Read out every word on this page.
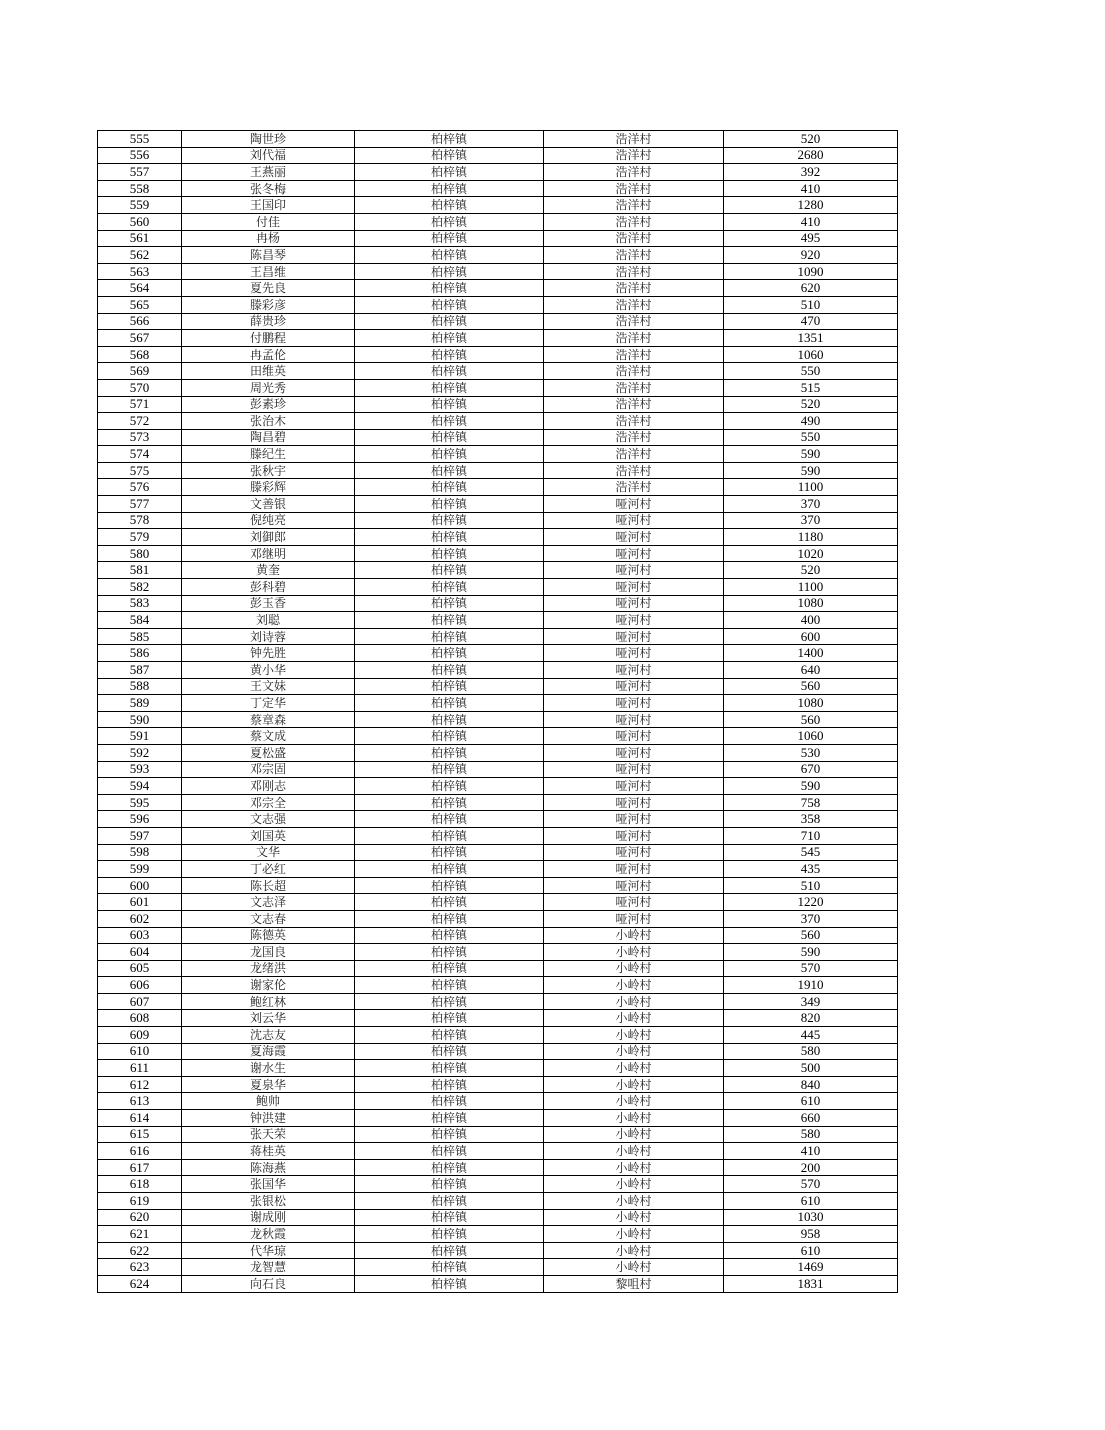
555	陶世珍	柏梓镇	浩洋村	520
556	刘代福	柏梓镇	浩洋村	2680
557	王燕丽	柏梓镇	浩洋村	392
558	张冬梅	柏梓镇	浩洋村	410
559	王国印	柏梓镇	浩洋村	1280
560	付佳	柏梓镇	浩洋村	410
561	冉杨	柏梓镇	浩洋村	495
562	陈昌琴	柏梓镇	浩洋村	920
563	王昌维	柏梓镇	浩洋村	1090
564	夏先良	柏梓镇	浩洋村	620
565	滕彩彦	柏梓镇	浩洋村	510
566	薛贵珍	柏梓镇	浩洋村	470
567	付鹏程	柏梓镇	浩洋村	1351
568	冉孟伦	柏梓镇	浩洋村	1060
569	田维英	柏梓镇	浩洋村	550
570	周光秀	柏梓镇	浩洋村	515
571	彭素珍	柏梓镇	浩洋村	520
572	张治木	柏梓镇	浩洋村	490
573	陶昌碧	柏梓镇	浩洋村	550
574	滕纪生	柏梓镇	浩洋村	590
575	张秋宇	柏梓镇	浩洋村	590
576	滕彩辉	柏梓镇	浩洋村	1100
577	文善银	柏梓镇	哑河村	370
578	倪纯亮	柏梓镇	哑河村	370
579	刘御郎	柏梓镇	哑河村	1180
580	邓继明	柏梓镇	哑河村	1020
581	黄奎	柏梓镇	哑河村	520
582	彭科碧	柏梓镇	哑河村	1100
583	彭玉香	柏梓镇	哑河村	1080
584	刘聪	柏梓镇	哑河村	400
585	刘诗蓉	柏梓镇	哑河村	600
586	钟先胜	柏梓镇	哑河村	1400
587	黄小华	柏梓镇	哑河村	640
588	王文妹	柏梓镇	哑河村	560
589	丁定华	柏梓镇	哑河村	1080
590	蔡章森	柏梓镇	哑河村	560
591	蔡文成	柏梓镇	哑河村	1060
592	夏松盛	柏梓镇	哑河村	530
593	邓宗固	柏梓镇	哑河村	670
594	邓刚志	柏梓镇	哑河村	590
595	邓宗全	柏梓镇	哑河村	758
596	文志强	柏梓镇	哑河村	358
597	刘国英	柏梓镇	哑河村	710
598	文华	柏梓镇	哑河村	545
599	丁必红	柏梓镇	哑河村	435
600	陈长超	柏梓镇	哑河村	510
601	文志泽	柏梓镇	哑河村	1220
602	文志春	柏梓镇	哑河村	370
603	陈德英	柏梓镇	小岭村	560
604	龙国良	柏梓镇	小岭村	590
605	龙绪洪	柏梓镇	小岭村	570
606	谢家伦	柏梓镇	小岭村	1910
607	鲍红林	柏梓镇	小岭村	349
608	刘云华	柏梓镇	小岭村	820
609	沈志友	柏梓镇	小岭村	445
610	夏海霞	柏梓镇	小岭村	580
611	谢水生	柏梓镇	小岭村	500
612	夏泉华	柏梓镇	小岭村	840
613	鲍帅	柏梓镇	小岭村	610
614	钟洪建	柏梓镇	小岭村	660
615	张天荣	柏梓镇	小岭村	580
616	蒋桂英	柏梓镇	小岭村	410
617	陈海燕	柏梓镇	小岭村	200
618	张国华	柏梓镇	小岭村	570
619	张银松	柏梓镇	小岭村	610
620	谢成刚	柏梓镇	小岭村	1030
621	龙秋霞	柏梓镇	小岭村	958
622	代华琼	柏梓镇	小岭村	610
623	龙智慧	柏梓镇	小岭村	1469
624	向石良	柏梓镇	黎咀村	1831
